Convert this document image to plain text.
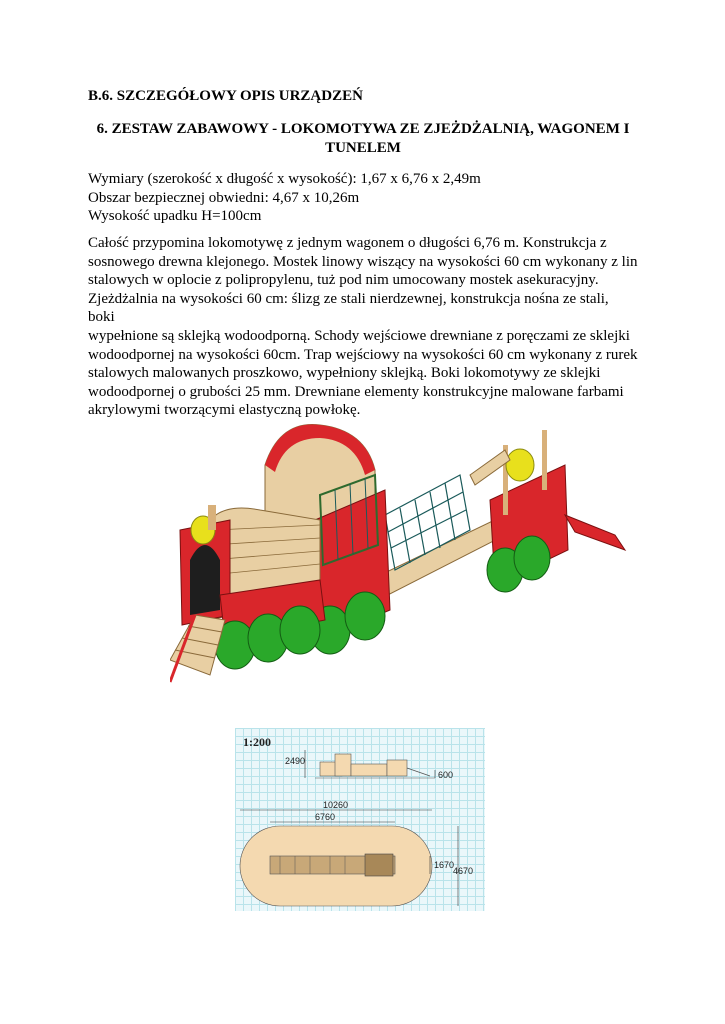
B.6. SZCZEGÓŁOWY OPIS URZĄDZEŃ
6. ZESTAW ZABAWOWY - LOKOMOTYWA ZE ZJEŻDŻALNIĄ, WAGONEM I
TUNELEM
Wymiary (szerokość x długość x wysokość): 1,67 x 6,76 x 2,49m
Obszar bezpiecznej obwiedni: 4,67 x 10,26m
Wysokość upadku H=100cm
Całość przypomina lokomotywę z jednym wagonem o długości 6,76 m. Konstrukcja z
sosnowego drewna klejonego. Mostek linowy wiszący na wysokości 60 cm wykonany z lin
stalowych w oplocie z polipropylenu, tuż pod nim umocowany mostek asekuracyjny.
Zjeżdżalnia na wysokości 60 cm: ślizg ze stali nierdzewnej, konstrukcja nośna ze stali, boki
wypełnione są sklejką wodoodporną. Schody wejściowe drewniane z poręczami ze sklejki
wodoodpornej na wysokości 60cm. Trap wejściowy na wysokości 60 cm wykonany z rurek
stalowych malowanych proszkowo, wypełniony sklejką. Boki lokomotywy ze sklejki
wodoodpornej o grubości 25 mm. Drewniane elementy konstrukcyjne malowane farbami
akrylowymi tworzącymi elastyczną powłokę.
1:200
2490
600
10260
6760
1670
4670
